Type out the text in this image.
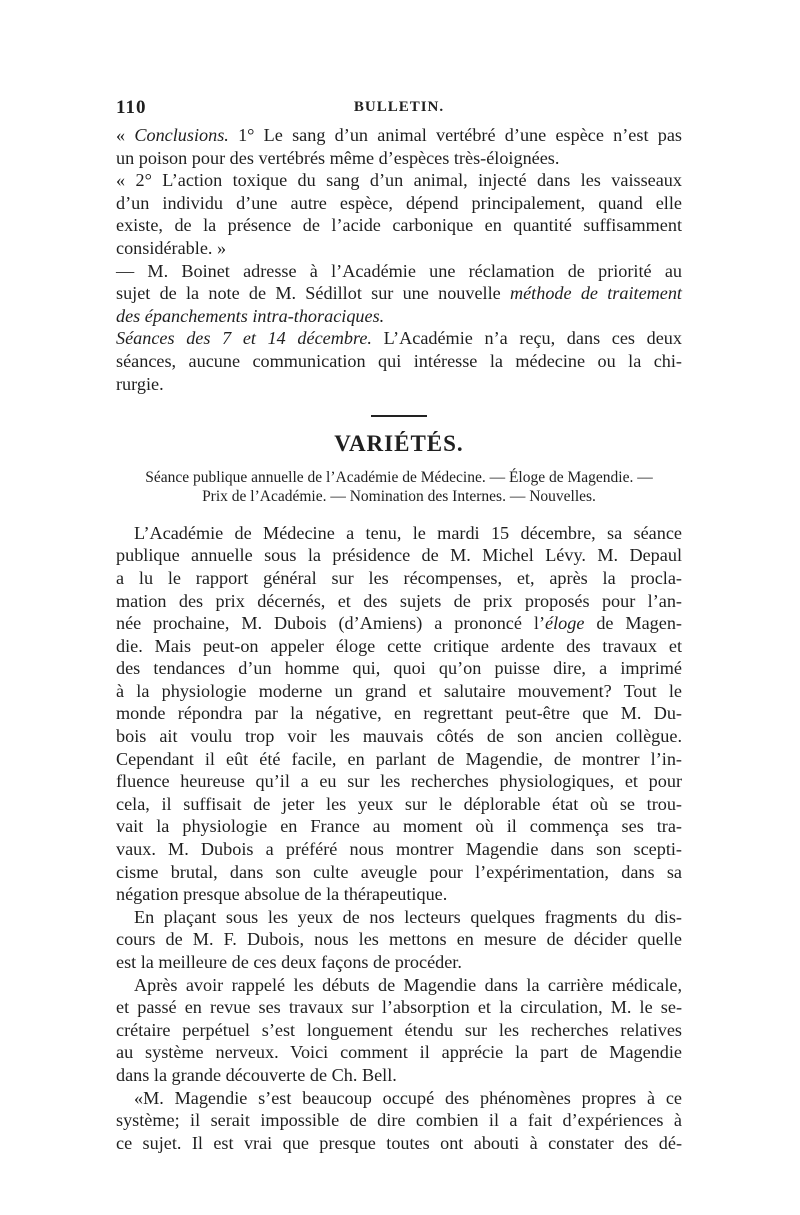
110	BULLETIN.

« Conclusions. 1° Le sang d’un animal vertébré d’une espèce n’est pas
un poison pour des vertébrés même d’espèces très-éloignées.
« 2° L’action toxique du sang d’un animal, injecté dans les vaisseaux
d’un individu d’une autre espèce, dépend principalement, quand elle
existe, de la présence de l’acide carbonique en quantité suffisamment
considérable. »

— M. Boinet adresse à l’Académie une réclamation de priorité au
sujet de la note de M. Sédillot sur une nouvelle méthode de traitement
des épanchements intra-thoraciques.

Séances des 7 et 14 décembre. L’Académie n’a reçu, dans ces deux
séances, aucune communication qui intéresse la médecine ou la chi-
rurgie.

VARIÉTÉS.
Séance publique annuelle de l’Académie de Médecine. — Éloge de Magendie. —
Prix de l’Académie. — Nomination des Internes. — Nouvelles.

L’Académie de Médecine a tenu, le mardi 15 décembre, sa séance

publique annuelle sous la présidence de M. Michel Lévy. M. Depaul
a lu le rapport général sur les récompenses, et, après la procla-
mation des prix décernés, et des sujets de prix proposés pour l’an-
née prochaine, M. Dubois (d’Amiens) a prononcé l’éloge de Magen-
die. Mais peut-on appeler éloge cette critique ardente des travaux et
des tendances d’un homme qui, quoi qu’on puisse dire, a imprimé
à la physiologie moderne un grand et salutaire mouvement? Tout le
monde répondra par la négative, en regrettant peut-être que M. Du-
bois ait voulu trop voir les mauvais côtés de son ancien collègue.
Cependant il eût été facile, en parlant de Magendie, de montrer l’in-
fluence heureuse qu’il a eu sur les recherches physiologiques, et pour
cela, il suffisait de jeter les yeux sur le déplorable état où se trou-
vait la physiologie en France au moment où il commença ses tra-
vaux. M. Dubois a préféré nous montrer Magendie dans son scepti-
cisme brutal, dans son culte aveugle pour l’expérimentation, dans sa
négation presque absolue de la thérapeutique.

En plaçant sous les yeux de nos lecteurs quelques fragments du dis-

cours de M. F. Dubois, nous les mettons en mesure de décider quelle
est la meilleure de ces deux façons de procéder.

Après avoir rappelé les débuts de Magendie dans la carrière médicale,

et passé en revue ses travaux sur l’absorption et la circulation, M. le se-
crétaire perpétuel s’est longuement étendu sur les recherches relatives
au système nerveux. Voici comment il apprécie la part de Magendie
dans la grande découverte de Ch. Bell.

«M. Magendie s’est beaucoup occupé des phénomènes propres à ce

système; il serait impossible de dire combien il a fait d’expériences à
ce sujet. Il est vrai que presque toutes ont abouti à constater des dé-
